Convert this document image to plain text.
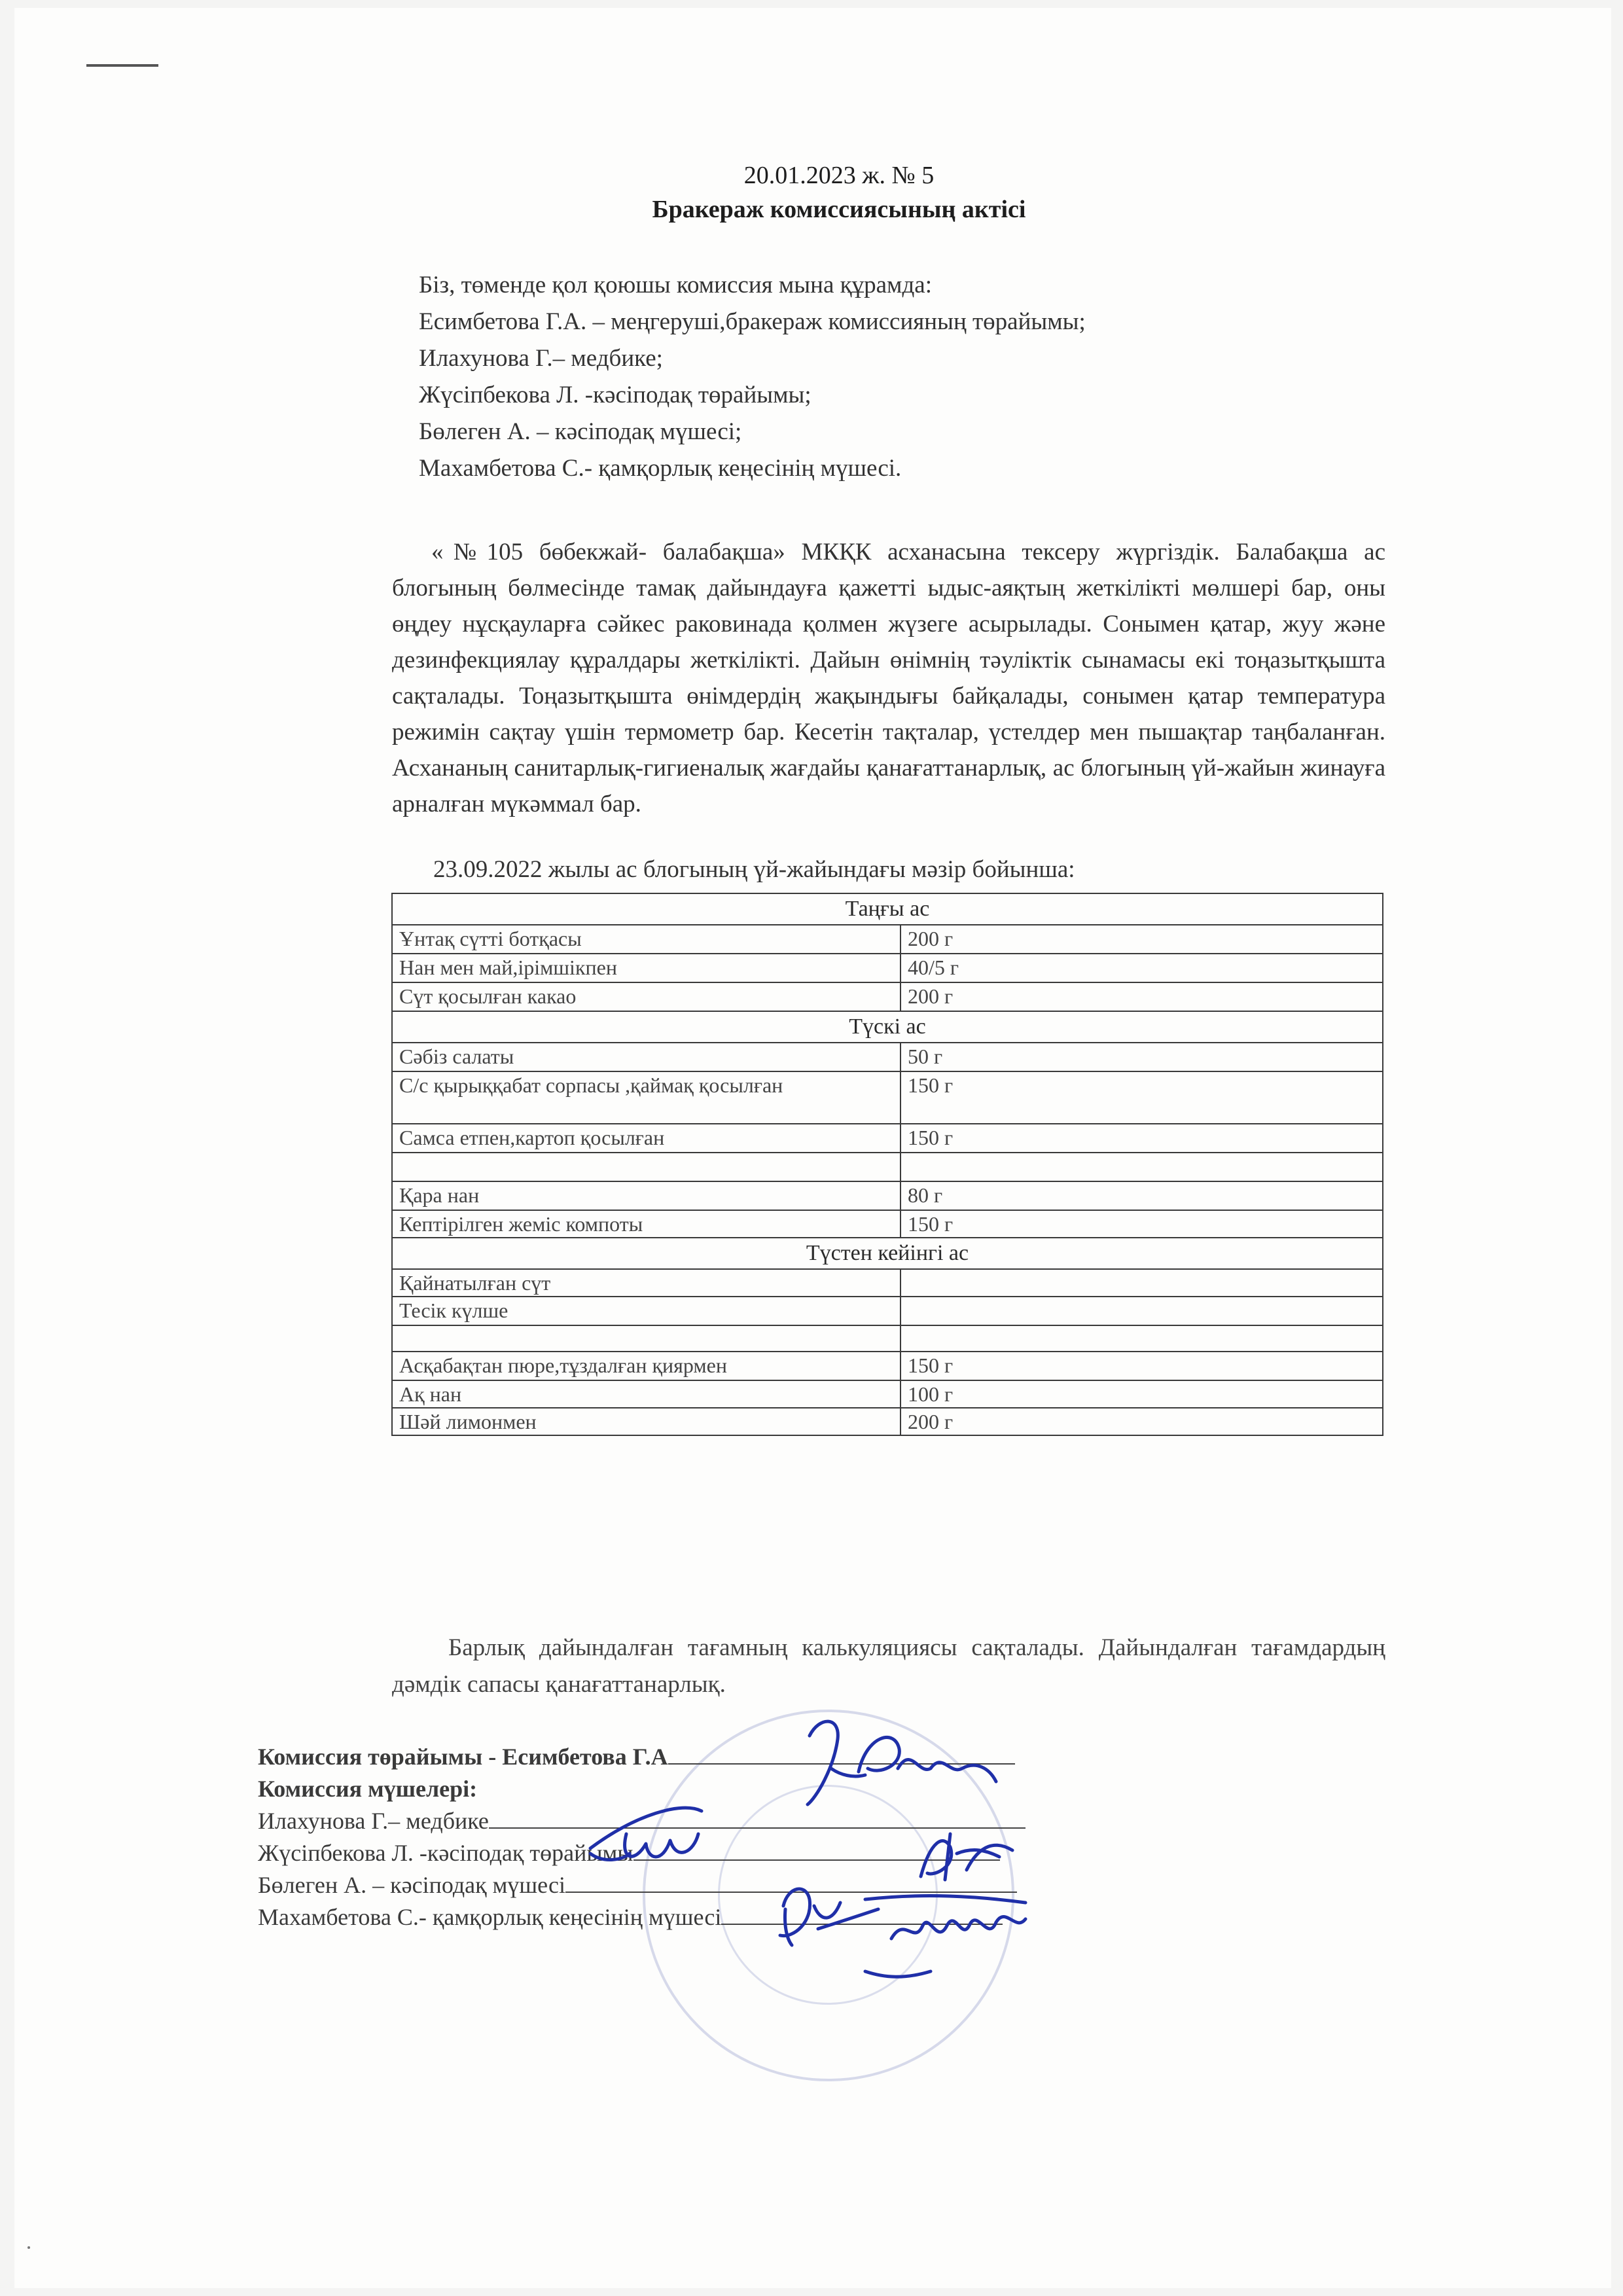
20.01.2023 ж. № 5
Бракераж комиссиясының актісі
Біз, төменде қол қоюшы комиссия мына құрамда:
Есимбетова Г.А. – меңгеруші,бракераж комиссияның төрайымы;
Илахунова Г.– медбике;
Жүсіпбекова Л. -кәсіподақ төрайымы;
Бөлеген А. – кәсіподақ мүшесі;
Махамбетова С.- қамқорлық кеңесінің мүшесі.

«№105 бөбекжай- балабақша» МКҚК асханасына тексеру жүргіздік. Балабақша ас блогының бөлмесінде тамақ дайындауға қажетті ыдыс-аяқтың жеткілікті мөлшері бар, оны өңдеу нұсқауларға сәйкес раковинада қолмен жүзеге асырылады. Сонымен қатар, жуу және дезинфекциялау құралдары жеткілікті. Дайын өнімнің тәуліктік сынамасы екі тоңазытқышта сақталады. Тоңазытқышта өнімдердің жақындығы байқалады, сонымен қатар температура режимін сақтау үшін термометр бар. Кесетін тақталар, үстелдер мен пышақтар таңбаланған. Асхананың санитарлық-гигиеналық жағдайы қанағаттанарлық, ас блогының үй-жайын жинауға арналған мүкәммал бар.

23.09.2022 жылы ас блогының үй-жайындағы мәзір бойынша:
Таңғы ас	
Ұнтақ сүтті ботқасы	200 г
Нан мен май,ірімшікпен	40/5 г
Сүт қосылған какао	200 г
Түскі ас	
Сәбіз салаты	50 г
С/с қырыққабат сорпасы ,қаймақ қосылған	150 г
Самса етпен,картоп қосылған	150 г

Қара нан	80 г
Кептірілген жеміс компоты	150 г
Түстен кейінгі ас	
Қайнатылған сүт	
Тесік күлше	

Асқабақтан пюре,тұздалған қиярмен	150 г
Ақ нан	100 г
Шәй лимонмен	200 г

Барлық дайындалған тағамның калькуляциясы сақталады. Дайындалған тағамдардың дәмдік сапасы қанағаттанарлық.

Комиссия төрайымы - Есимбетова Г.А
Комиссия мүшелері:
Илахунова Г.– медбике
Жүсіпбекова Л. -кәсіподақ төрайымы
Бөлеген А. – кәсіподақ мүшесі
Махамбетова С.- қамқорлық кеңесінің мүшесі
